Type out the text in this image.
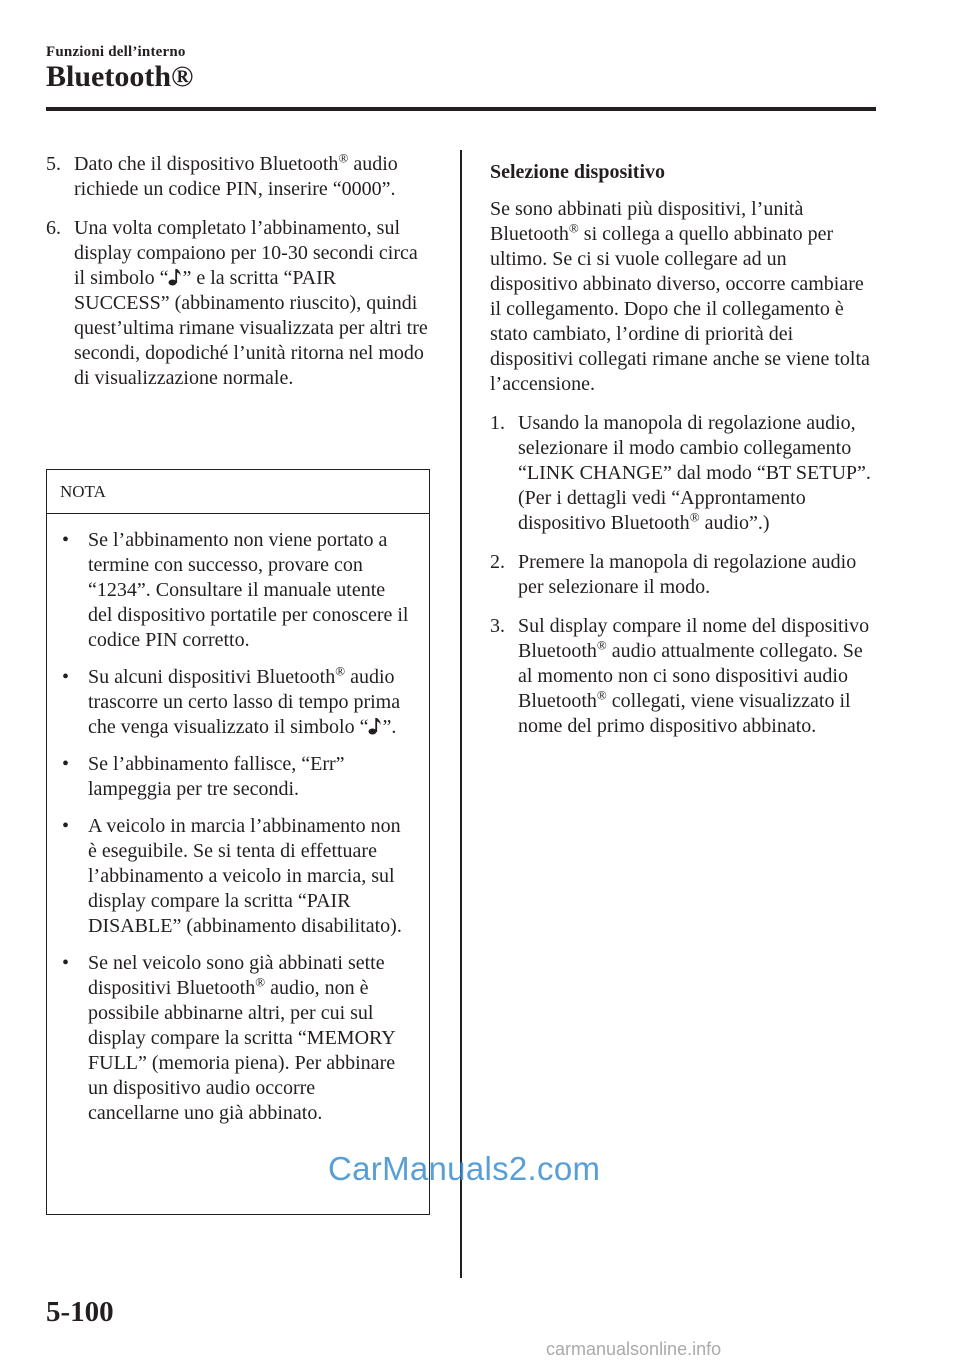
Funzioni dell’interno
Bluetooth®
5. Dato che il dispositivo Bluetooth® audio richiede un codice PIN, inserire “0000”.
6. Una volta completato l’abbinamento, sul display compaiono per 10-30 secondi circa il simbolo “ ” e la scritta “PAIR SUCCESS” (abbinamento riuscito), quindi quest’ultima rimane visualizzata per altri tre secondi, dopodiché l’unità ritorna nel modo di visualizzazione normale.
NOTA
• Se l’abbinamento non viene portato a termine con successo, provare con “1234”. Consultare il manuale utente del dispositivo portatile per conoscere il codice PIN corretto.
• Su alcuni dispositivi Bluetooth® audio trascorre un certo lasso di tempo prima che venga visualizzato il simbolo “ ”.
• Se l’abbinamento fallisce, “Err” lampeggia per tre secondi.
• A veicolo in marcia l’abbinamento non è eseguibile. Se si tenta di effettuare l’abbinamento a veicolo in marcia, sul display compare la scritta “PAIR DISABLE” (abbinamento disabilitato).
• Se nel veicolo sono già abbinati sette dispositivi Bluetooth® audio, non è possibile abbinarne altri, per cui sul display compare la scritta “MEMORY FULL” (memoria piena). Per abbinare un dispositivo audio occorre cancellarne uno già abbinato.
Selezione dispositivo
Se sono abbinati più dispositivi, l’unità Bluetooth® si collega a quello abbinato per ultimo. Se ci si vuole collegare ad un dispositivo abbinato diverso, occorre cambiare il collegamento. Dopo che il collegamento è stato cambiato, l’ordine di priorità dei dispositivi collegati rimane anche se viene tolta l’accensione.
1. Usando la manopola di regolazione audio, selezionare il modo cambio collegamento “LINK CHANGE” dal modo “BT SETUP”. (Per i dettagli vedi “Approntamento dispositivo Bluetooth® audio”.)
2. Premere la manopola di regolazione audio per selezionare il modo.
3. Sul display compare il nome del dispositivo Bluetooth® audio attualmente collegato. Se al momento non ci sono dispositivi audio Bluetooth® collegati, viene visualizzato il nome del primo dispositivo abbinato.
5-100
CarManuals2.com
carmanualsonline.info
